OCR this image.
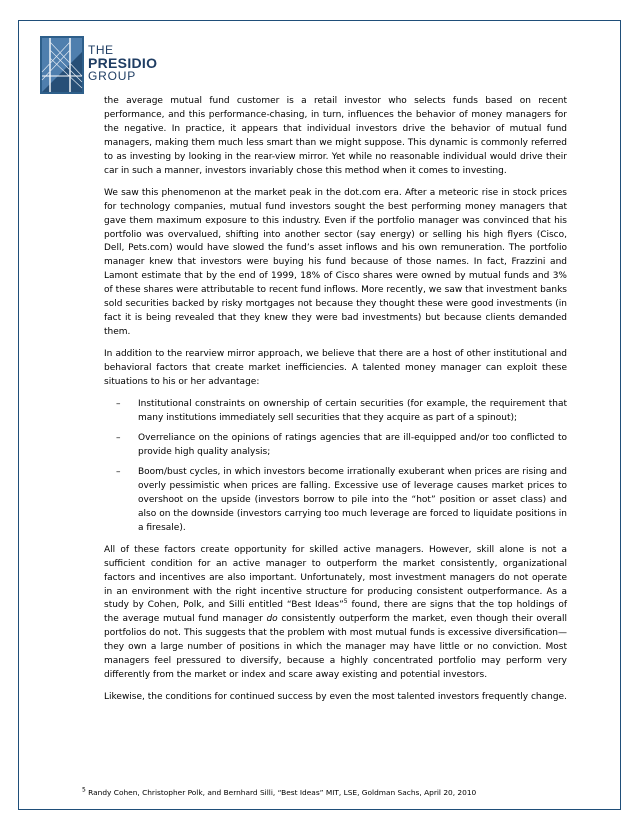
THE
PRESIDIO
GROUP

the average mutual fund customer is a retail investor who selects funds based on recent performance, and this performance-chasing, in turn, influences the behavior of money managers for the negative. In practice, it appears that individual investors drive the behavior of mutual fund managers, making them much less smart than we might suppose. This dynamic is commonly referred to as investing by looking in the rear-view mirror. Yet while no reasonable individual would drive their car in such a manner, investors invariably chose this method when it comes to investing.

We saw this phenomenon at the market peak in the dot.com era. After a meteoric rise in stock prices for technology companies, mutual fund investors sought the best performing money managers that gave them maximum exposure to this industry. Even if the portfolio manager was convinced that his portfolio was overvalued, shifting into another sector (say energy) or selling his high flyers (Cisco, Dell, Pets.com) would have slowed the fund’s asset inflows and his own remuneration. The portfolio manager knew that investors were buying his fund because of those names. In fact, Frazzini and Lamont estimate that by the end of 1999, 18% of Cisco shares were owned by mutual funds and 3% of these shares were attributable to recent fund inflows. More recently, we saw that investment banks sold securities backed by risky mortgages not because they thought these were good investments (in fact it is being revealed that they knew they were bad investments) but because clients demanded them.

In addition to the rearview mirror approach, we believe that there are a host of other institutional and behavioral factors that create market inefficiencies. A talented money manager can exploit these situations to his or her advantage:

– Institutional constraints on ownership of certain securities (for example, the requirement that many institutions immediately sell securities that they acquire as part of a spinout);
– Overreliance on the opinions of ratings agencies that are ill-equipped and/or too conflicted to provide high quality analysis;
– Boom/bust cycles, in which investors become irrationally exuberant when prices are rising and overly pessimistic when prices are falling. Excessive use of leverage causes market prices to overshoot on the upside (investors borrow to pile into the “hot” position or asset class) and also on the downside (investors carrying too much leverage are forced to liquidate positions in a firesale).

All of these factors create opportunity for skilled active managers. However, skill alone is not a sufficient condition for an active manager to outperform the market consistently, organizational factors and incentives are also important. Unfortunately, most investment managers do not operate in an environment with the right incentive structure for producing consistent outperformance. As a study by Cohen, Polk, and Silli entitled “Best Ideas”$^5$ found, there are signs that the top holdings of the average mutual fund manager do consistently outperform the market, even though their overall portfolios do not. This suggests that the problem with most mutual funds is excessive diversification—they own a large number of positions in which the manager may have little or no conviction. Most managers feel pressured to diversify, because a highly concentrated portfolio may perform very differently from the market or index and scare away existing and potential investors.

Likewise, the conditions for continued success by even the most talented investors frequently change.

$^5$ Randy Cohen, Christopher Polk, and Bernhard Silli, “Best Ideas” MIT, LSE, Goldman Sachs, April 20, 2010
